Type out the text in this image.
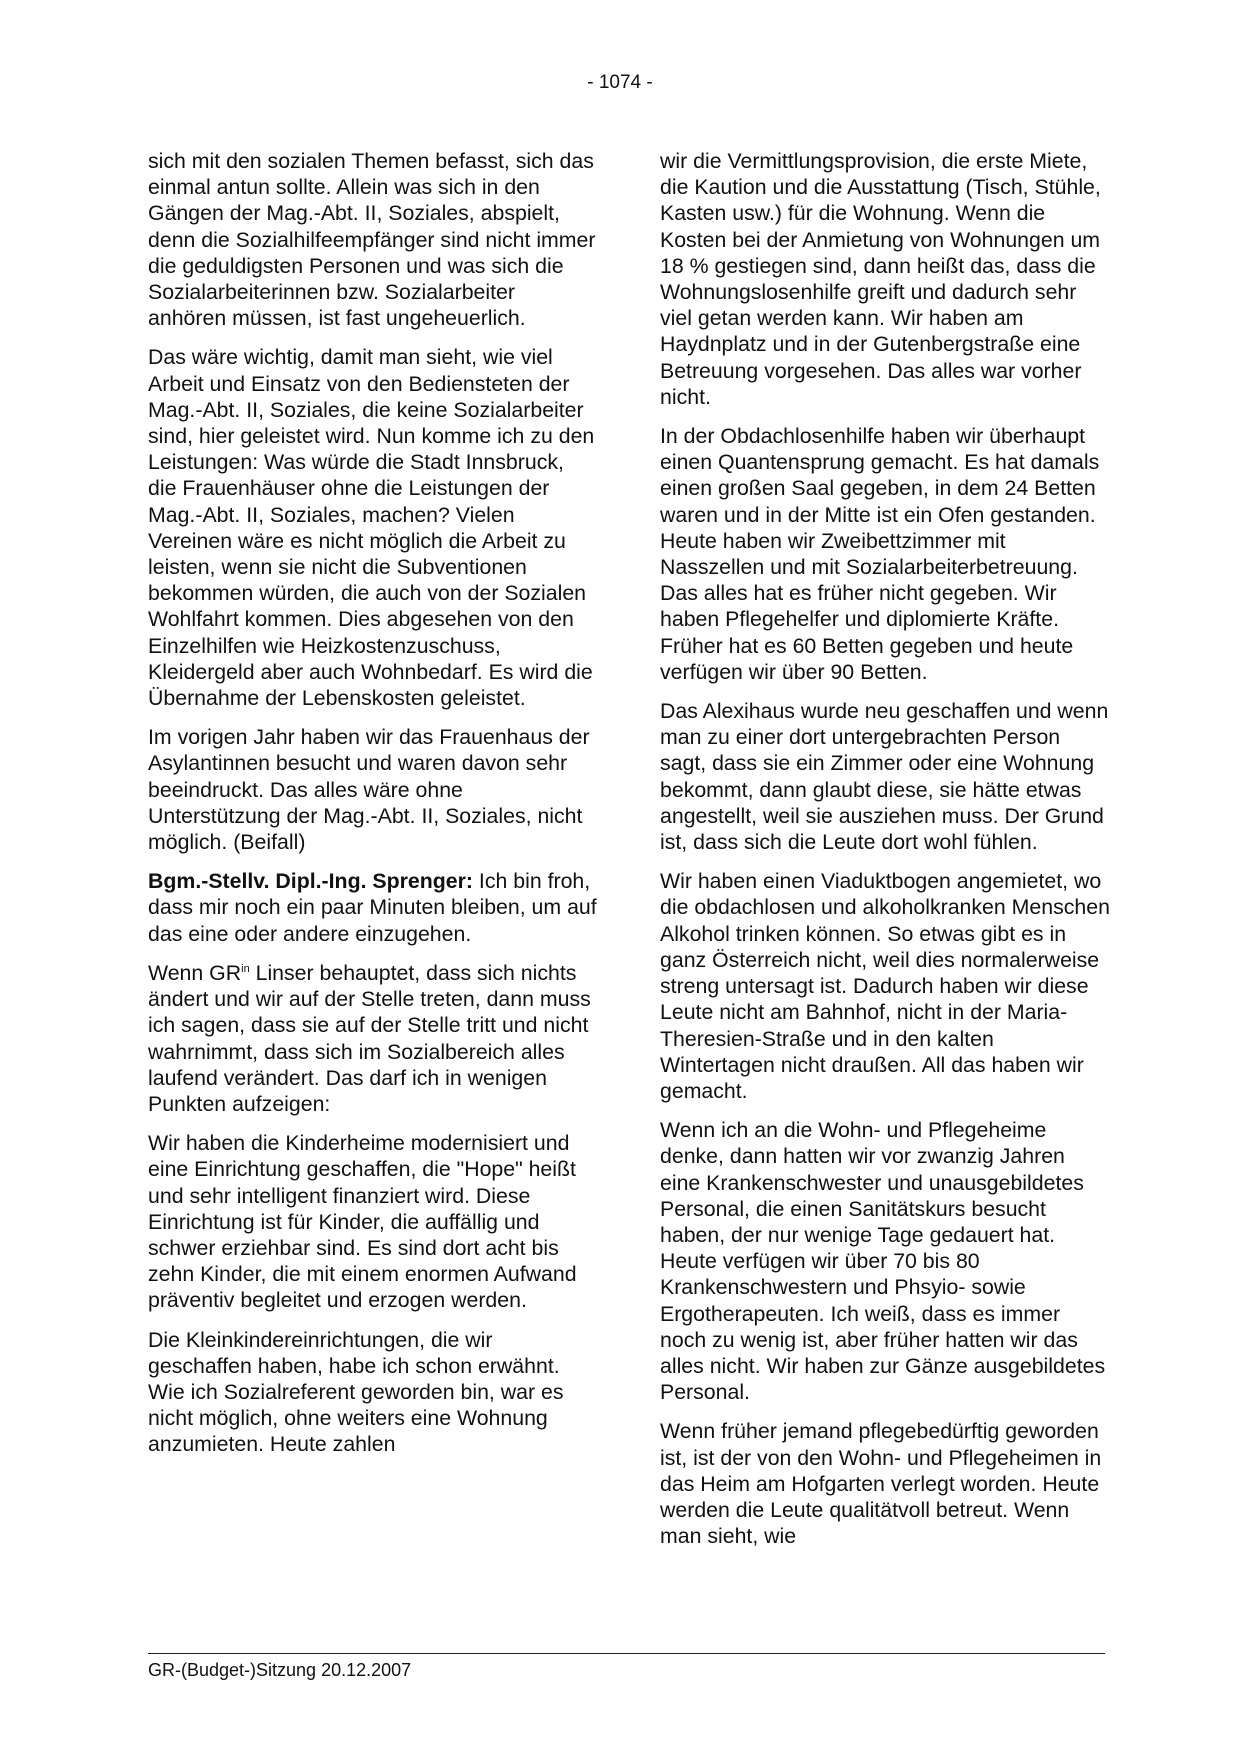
- 1074 -

sich mit den sozialen Themen befasst, sich das einmal antun sollte. Allein was sich in den Gängen der Mag.-Abt. II, Soziales, abspielt, denn die Sozialhilfeempfänger sind nicht immer die geduldigsten Personen und was sich die Sozialarbeiterinnen bzw. Sozialarbeiter anhören müssen, ist fast ungeheuerlich.

Das wäre wichtig, damit man sieht, wie viel Arbeit und Einsatz von den Bediensteten der Mag.-Abt. II, Soziales, die keine Sozialarbeiter sind, hier geleistet wird. Nun komme ich zu den Leistungen: Was würde die Stadt Innsbruck, die Frauenhäuser ohne die Leistungen der Mag.-Abt. II, Soziales, machen? Vielen Vereinen wäre es nicht möglich die Arbeit zu leisten, wenn sie nicht die Subventionen bekommen würden, die auch von der Sozialen Wohlfahrt kommen. Dies abgesehen von den Einzelhilfen wie Heizkostenzuschuss, Kleidergeld aber auch Wohnbedarf. Es wird die Übernahme der Lebenskosten geleistet.

Im vorigen Jahr haben wir das Frauenhaus der Asylantinnen besucht und waren davon sehr beeindruckt. Das alles wäre ohne Unterstützung der Mag.-Abt. II, Soziales, nicht möglich. (Beifall)

Bgm.-Stellv. Dipl.-Ing. Sprenger: Ich bin froh, dass mir noch ein paar Minuten bleiben, um auf das eine oder andere einzugehen.

Wenn $GR^{in}$ Linser behauptet, dass sich nichts ändert und wir auf der Stelle treten, dann muss ich sagen, dass sie auf der Stelle tritt und nicht wahrnimmt, dass sich im Sozialbereich alles laufend verändert. Das darf ich in wenigen Punkten aufzeigen:

Wir haben die Kinderheime modernisiert und eine Einrichtung geschaffen, die "Hope" heißt und sehr intelligent finanziert wird. Diese Einrichtung ist für Kinder, die auffällig und schwer erziehbar sind. Es sind dort acht bis zehn Kinder, die mit einem enormen Aufwand präventiv begleitet und erzogen werden.

Die Kleinkindereinrichtungen, die wir geschaffen haben, habe ich schon erwähnt. Wie ich Sozialreferent geworden bin, war es nicht möglich, ohne weiters eine Wohnung anzumieten. Heute zahlen

wir die Vermittlungsprovision, die erste Miete, die Kaution und die Ausstattung (Tisch, Stühle, Kasten usw.) für die Wohnung. Wenn die Kosten bei der Anmietung von Wohnungen um 18 % gestiegen sind, dann heißt das, dass die Wohnungslosenhilfe greift und dadurch sehr viel getan werden kann. Wir haben am Haydnplatz und in der Gutenbergstraße eine Betreuung vorgesehen. Das alles war vorher nicht.

In der Obdachlosenhilfe haben wir überhaupt einen Quantensprung gemacht. Es hat damals einen großen Saal gegeben, in dem 24 Betten waren und in der Mitte ist ein Ofen gestanden. Heute haben wir Zweibettzimmer mit Nasszellen und mit Sozialarbeiterbetreuung. Das alles hat es früher nicht gegeben. Wir haben Pflegehelfer und diplomierte Kräfte. Früher hat es 60 Betten gegeben und heute verfügen wir über 90 Betten.

Das Alexihaus wurde neu geschaffen und wenn man zu einer dort untergebrachten Person sagt, dass sie ein Zimmer oder eine Wohnung bekommt, dann glaubt diese, sie hätte etwas angestellt, weil sie ausziehen muss. Der Grund ist, dass sich die Leute dort wohl fühlen.

Wir haben einen Viaduktbogen angemietet, wo die obdachlosen und alkoholkranken Menschen Alkohol trinken können. So etwas gibt es in ganz Österreich nicht, weil dies normalerweise streng untersagt ist. Dadurch haben wir diese Leute nicht am Bahnhof, nicht in der Maria-Theresien-Straße und in den kalten Wintertagen nicht draußen. All das haben wir gemacht.

Wenn ich an die Wohn- und Pflegeheime denke, dann hatten wir vor zwanzig Jahren eine Krankenschwester und unausgebildetes Personal, die einen Sanitätskurs besucht haben, der nur wenige Tage gedauert hat. Heute verfügen wir über 70 bis 80 Krankenschwestern und Phsyio- sowie Ergotherapeuten. Ich weiß, dass es immer noch zu wenig ist, aber früher hatten wir das alles nicht. Wir haben zur Gänze ausgebildetes Personal.

Wenn früher jemand pflegebedürftig geworden ist, ist der von den Wohn- und Pflegeheimen in das Heim am Hofgarten verlegt worden. Heute werden die Leute qualitätvoll betreut. Wenn man sieht, wie

GR-(Budget-)Sitzung 20.12.2007
